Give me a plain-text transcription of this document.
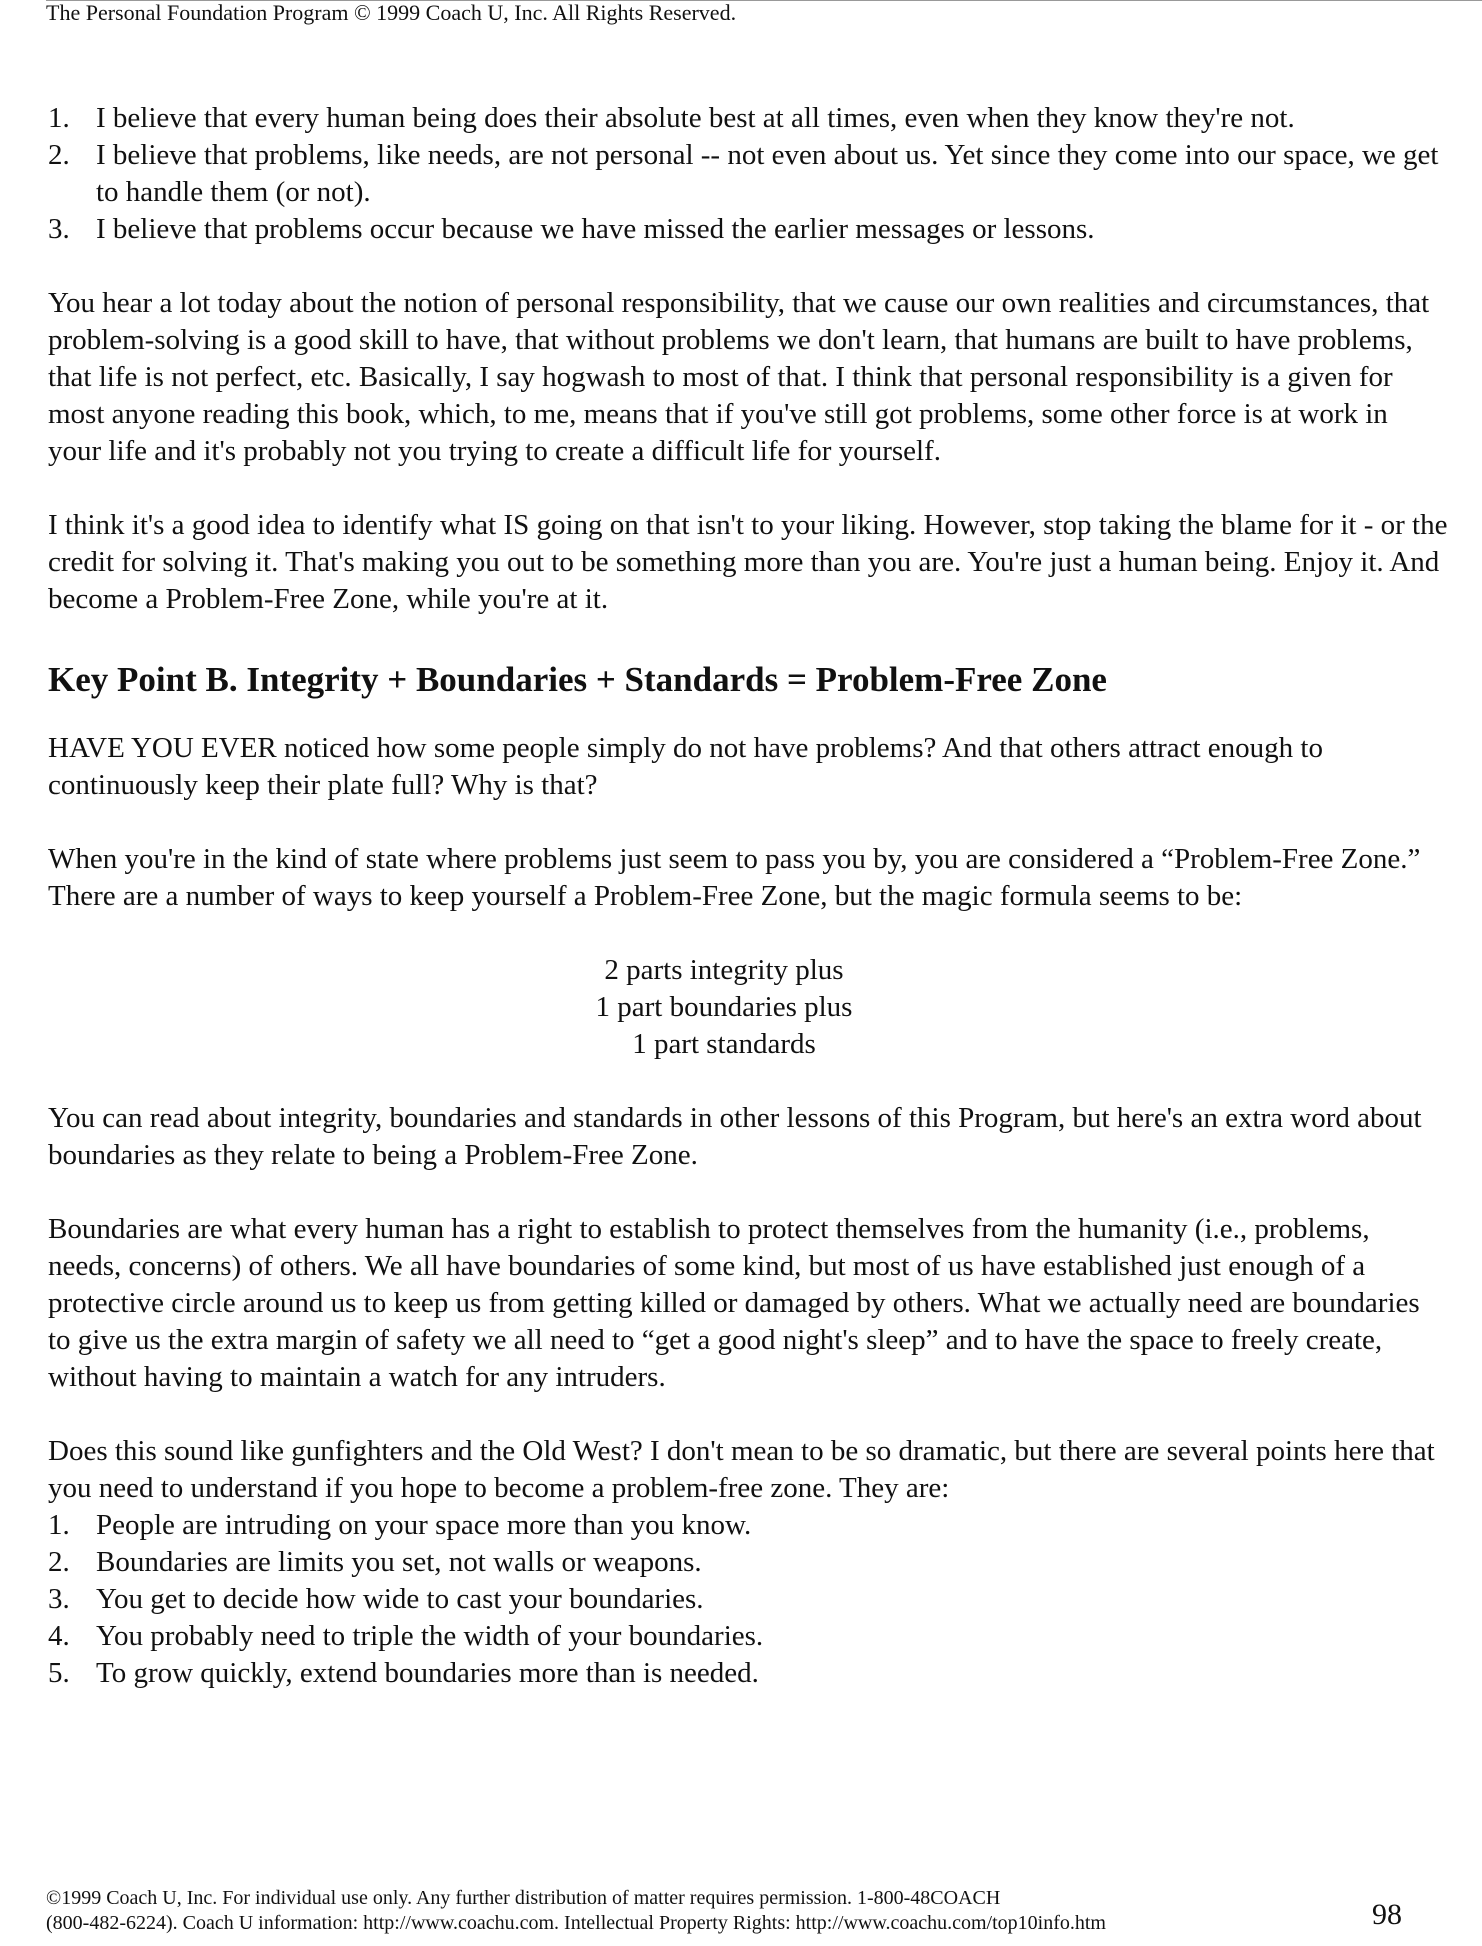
The Personal Foundation Program © 1999 Coach U, Inc. All Rights Reserved.
1. I believe that every human being does their absolute best at all times, even when they know they're not.
2. I believe that problems, like needs, are not personal -- not even about us. Yet since they come into our space, we get to handle them (or not).
3. I believe that problems occur because we have missed the earlier messages or lessons.

You hear a lot today about the notion of personal responsibility, that we cause our own realities and circumstances, that problem-solving is a good skill to have, that without problems we don't learn, that humans are built to have problems, that life is not perfect, etc. Basically, I say hogwash to most of that. I think that personal responsibility is a given for most anyone reading this book, which, to me, means that if you've still got problems, some other force is at work in your life and it's probably not you trying to create a difficult life for yourself.

I think it's a good idea to identify what IS going on that isn't to your liking. However, stop taking the blame for it - or the credit for solving it. That's making you out to be something more than you are. You're just a human being. Enjoy it. And become a Problem-Free Zone, while you're at it.

Key Point B. Integrity + Boundaries + Standards = Problem-Free Zone

HAVE YOU EVER noticed how some people simply do not have problems? And that others attract enough to continuously keep their plate full? Why is that?

When you're in the kind of state where problems just seem to pass you by, you are considered a “Problem-Free Zone.” There are a number of ways to keep yourself a Problem-Free Zone, but the magic formula seems to be:

2 parts integrity plus
1 part boundaries plus
1 part standards

You can read about integrity, boundaries and standards in other lessons of this Program, but here's an extra word about boundaries as they relate to being a Problem-Free Zone.

Boundaries are what every human has a right to establish to protect themselves from the humanity (i.e., problems, needs, concerns) of others. We all have boundaries of some kind, but most of us have established just enough of a protective circle around us to keep us from getting killed or damaged by others. What we actually need are boundaries to give us the extra margin of safety we all need to “get a good night's sleep” and to have the space to freely create, without having to maintain a watch for any intruders.

Does this sound like gunfighters and the Old West? I don't mean to be so dramatic, but there are several points here that you need to understand if you hope to become a problem-free zone. They are:

1. People are intruding on your space more than you know.
2. Boundaries are limits you set, not walls or weapons.
3. You get to decide how wide to cast your boundaries.
4. You probably need to triple the width of your boundaries.
5. To grow quickly, extend boundaries more than is needed.
©1999 Coach U, Inc. For individual use only. Any further distribution of matter requires permission. 1-800-48COACH
(800-482-6224). Coach U information: http://www.coachu.com. Intellectual Property Rights: http://www.coachu.com/top10info.htm	98
